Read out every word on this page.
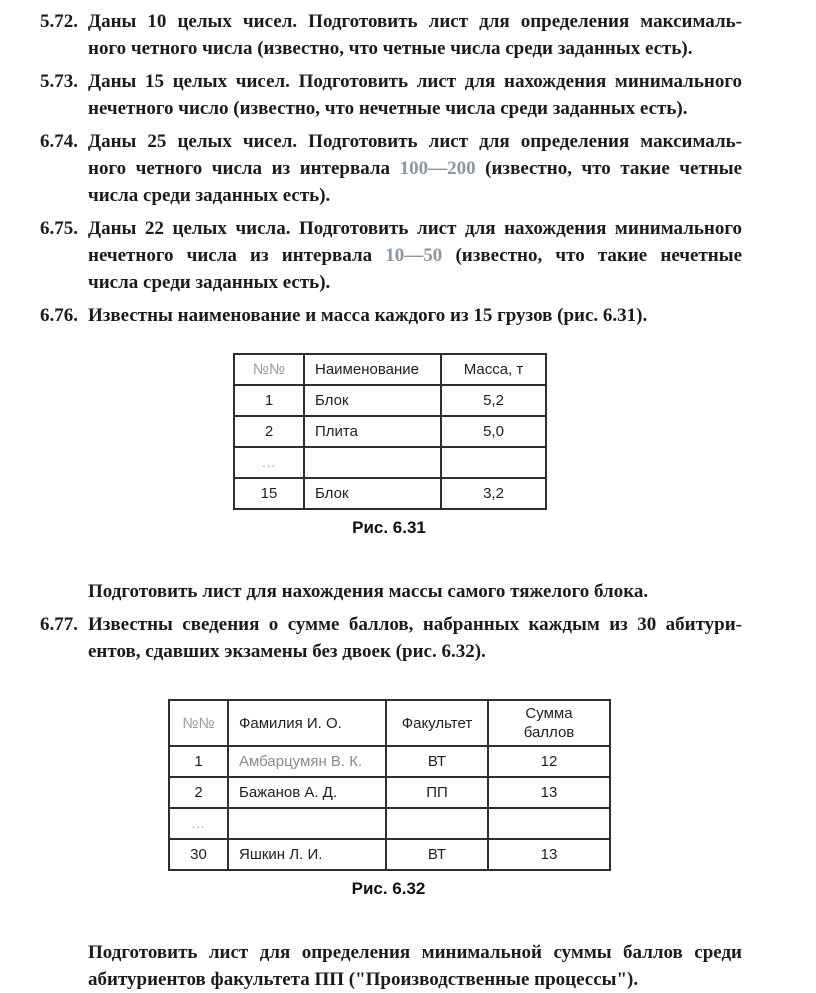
5.72. Даны 10 целых чисел. Подготовить лист для определения максималь-
ного четного числа (известно, что четные числа среди заданных есть).
5.73. Даны 15 целых чисел. Подготовить лист для нахождения минимального
нечетного число (известно, что нечетные числа среди заданных есть).
6.74. Даны 25 целых чисел. Подготовить лист для определения максималь-
ного четного числа из интервала 100—200 (известно, что такие четные
числа среди заданных есть).
6.75. Даны 22 целых числа. Подготовить лист для нахождения минимального
нечетного числа из интервала 10—50 (известно, что такие нечетные
числа среди заданных есть).
6.76. Известны наименование и масса каждого из 15 грузов (рис. 6.31).
№№	Наименование	Масса, т
1	Блок	5,2
2	Плита	5,0
...		
15	Блок	3,2
Рис. 6.31
Подготовить лист для нахождения массы самого тяжелого блока.
6.77. Известны сведения о сумме баллов, набранных каждым из 30 абитури-
ентов, сдавших экзамены без двоек (рис. 6.32).
№№	Фамилия И. О.	Факультет	Сумма баллов
1	Амбарцумян В. К.	ВТ	12
2	Бажанов А. Д.	ПП	13
...			
30	Яшкин Л. И.	ВТ	13
Рис. 6.32
Подготовить лист для определения минимальной суммы баллов среди
абитуриентов факультета ПП ("Производственные процессы").
